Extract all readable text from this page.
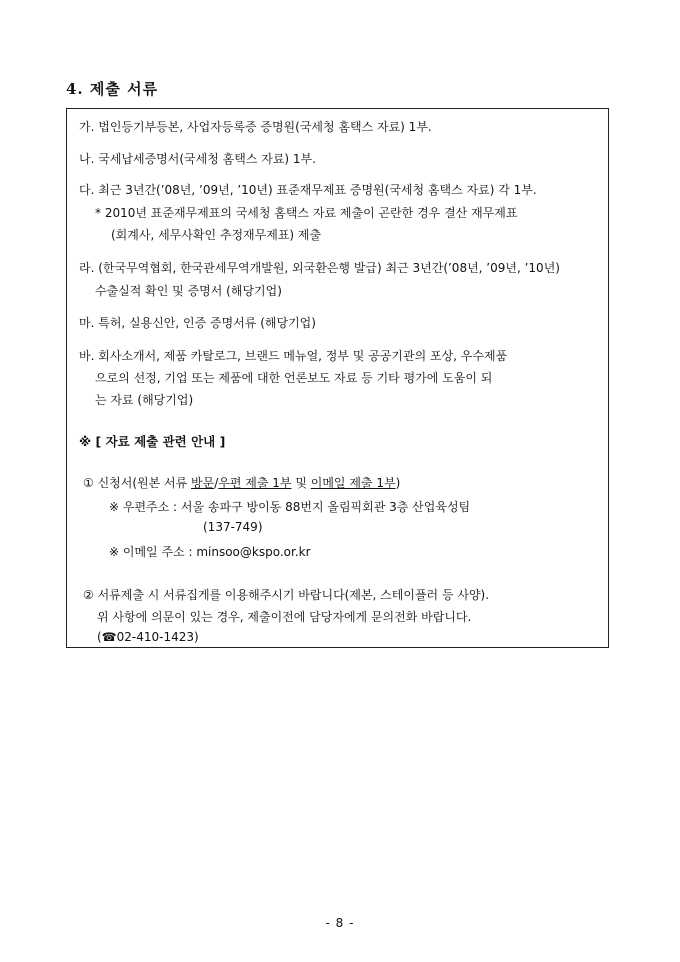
4. 제출 서류
가. 법인등기부등본, 사업자등록증 증명원(국세청 홈택스 자료) 1부.
나. 국세납세증명서(국세청 홈택스 자료) 1부.
다. 최근 3년간(’08년, ’09년, ’10년) 표준재무제표 증명원(국세청 홈택스 자료) 각 1부.
* 2010년 표준재무제표의 국세청 홈택스 자료 제출이 곤란한 경우 결산 재무제표
(회계사, 세무사확인 추정재무제표) 제출
라. (한국무역협회, 한국관세무역개발원, 외국환은행 발급) 최근 3년간(’08년, ’09년, ’10년)
수출실적 확인 및 증명서 (해당기업)
마. 특허, 실용신안, 인증 증명서류 (해당기업)
바. 회사소개서, 제품 카탈로그, 브랜드 메뉴얼, 정부 및 공공기관의 포상, 우수제품
으로의 선정, 기업 또는 제품에 대한 언론보도 자료 등 기타 평가에 도움이 되
는 자료 (해당기업)
※ [ 자료 제출 관련 안내 ]
① 신청서(원본 서류 방문/우편 제출 1부 및 이메일 제출 1부)
※ 우편주소 : 서울 송파구 방이동 88번지 올림픽회관 3층 산업육성팀
(137-749)
※ 이메일 주소 : minsoo@kspo.or.kr
② 서류제출 시 서류집게를 이용해주시기 바랍니다(제본, 스테이플러 등 사양).
위 사항에 의문이 있는 경우, 제출이전에 담당자에게 문의전화 바랍니다.
(☎02-410-1423)
- 8 -
